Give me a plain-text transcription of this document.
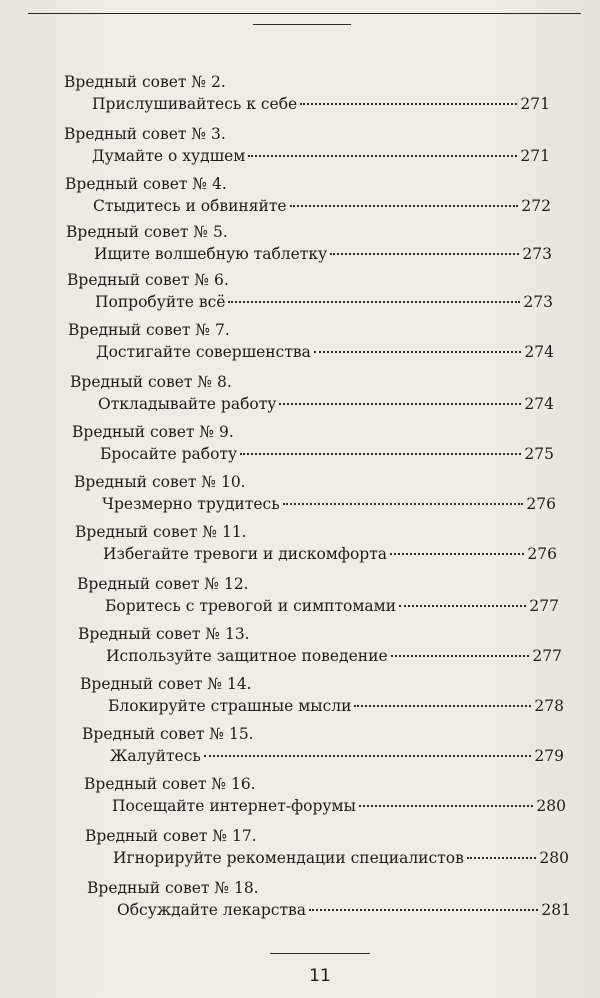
Вредный совет № 2.
Прислушивайтесь к себе	271
Вредный совет № 3.
Думайте о худшем	271
Вредный совет № 4.
Стыдитесь и обвиняйте	272
Вредный совет № 5.
Ищите волшебную таблетку	273
Вредный совет № 6.
Попробуйте всё	273
Вредный совет № 7.
Достигайте совершенства	274
Вредный совет № 8.
Откладывайте работу	274
Вредный совет № 9.
Бросайте работу	275
Вредный совет № 10.
Чрезмерно трудитесь	276
Вредный совет № 11.
Избегайте тревоги и дискомфорта	276
Вредный совет № 12.
Боритесь с тревогой и симптомами	277
Вредный совет № 13.
Используйте защитное поведение	277
Вредный совет № 14.
Блокируйте страшные мысли	278
Вредный совет № 15.
Жалуйтесь	279
Вредный совет № 16.
Посещайте интернет-форумы	280
Вредный совет № 17.
Игнорируйте рекомендации специалистов	280
Вредный совет № 18.
Обсуждайте лекарства	281
11
